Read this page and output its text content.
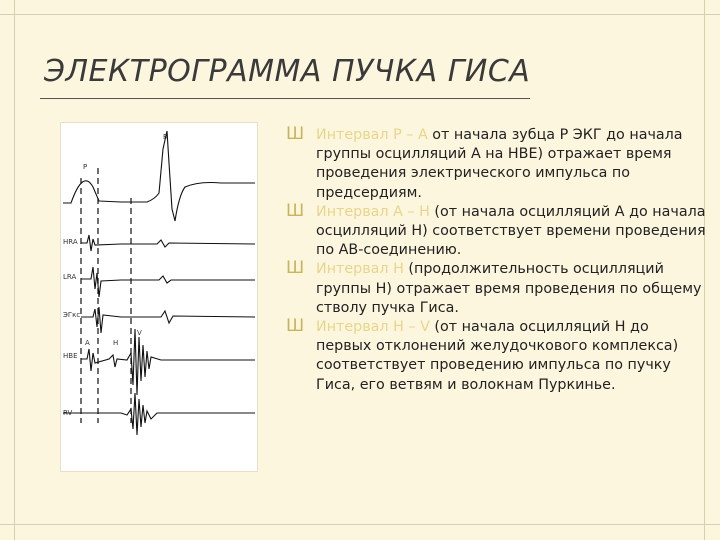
ЭЛЕКТРОГРАММА ПУЧКА ГИСА
R
P
HRA
LRA
ЭГкс
HBE
A	H
V
RV
Ш Интервал P – A от начала зубца P ЭКГ до начала группы осцилляций А на НВЕ) отражает время проведения электрического импульса по предсердиям.
Ш Интервал A – H (от начала осцилляций A до начала осцилляций H) соответствует времени проведения по АВ-соединению.
Ш Интервал H (продолжительность осцилляций группы H) отражает время проведения по общему стволу пучка Гиса.
Ш Интервал H – V (от начала осцилляций H до первых отклонений желудочкового комплекса) соответствует проведению импульса по пучку Гиса, его ветвям и волокнам Пуркинье.
